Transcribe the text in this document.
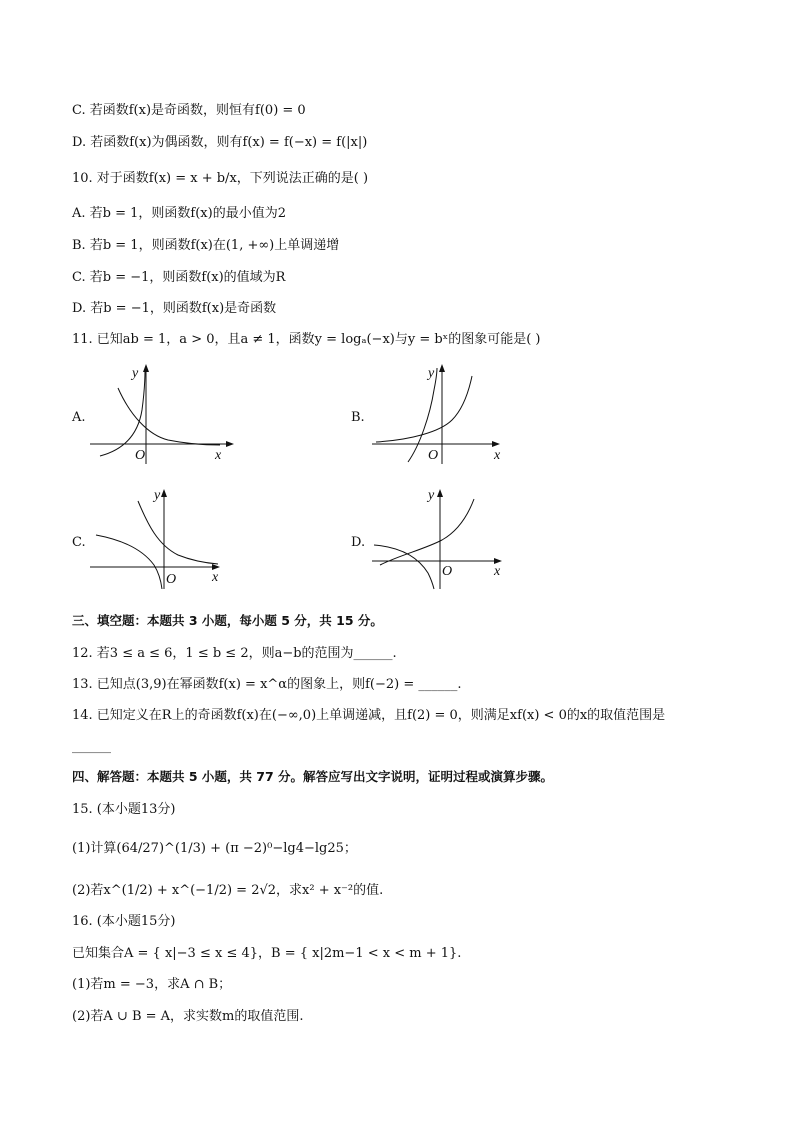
C. 若函数f(x)是奇函数，则恒有f(0) = 0
D. 若函数f(x)为偶函数，则有f(x) = f(−x) = f(|x|)
10. 对于函数f(x) = x + b/x，下列说法正确的是( )
A. 若b = 1，则函数f(x)的最小值为2
B. 若b = 1，则函数f(x)在(1, +∞)上单调递增
C. 若b = −1，则函数f(x)的值域为R
D. 若b = −1，则函数f(x)是奇函数
11. 已知ab = 1，a > 0，且a ≠ 1，函数y = logₐ(−x)与y = bˣ的图象可能是( )
A.
y
O	x
B.
y
O	x
C.
y
O	x
D.
y
O	x
三、填空题：本题共 3 小题，每小题 5 分，共 15 分。
12. 若3 ≤ a ≤ 6，1 ≤ b ≤ 2，则a−b的范围为______.
13. 已知点(3,9)在幂函数f(x) = x^α的图象上，则f(−2) = ______.
14. 已知定义在R上的奇函数f(x)在(−∞,0)上单调递减，且f(2) = 0，则满足xf(x) < 0的x的取值范围是
______
四、解答题：本题共 5 小题，共 77 分。解答应写出文字说明，证明过程或演算步骤。
15. (本小题13分)
(1)计算(64/27)^(1/3) + (π −2)⁰−lg4−lg25；
(2)若x^(1/2) + x^(−1/2) = 2√2，求x² + x⁻²的值.
16. (本小题15分)
已知集合A = { x|−3 ≤ x ≤ 4}，B = { x|2m−1 < x < m + 1}.
(1)若m = −3，求A ∩ B；
(2)若A ∪ B = A，求实数m的取值范围.
